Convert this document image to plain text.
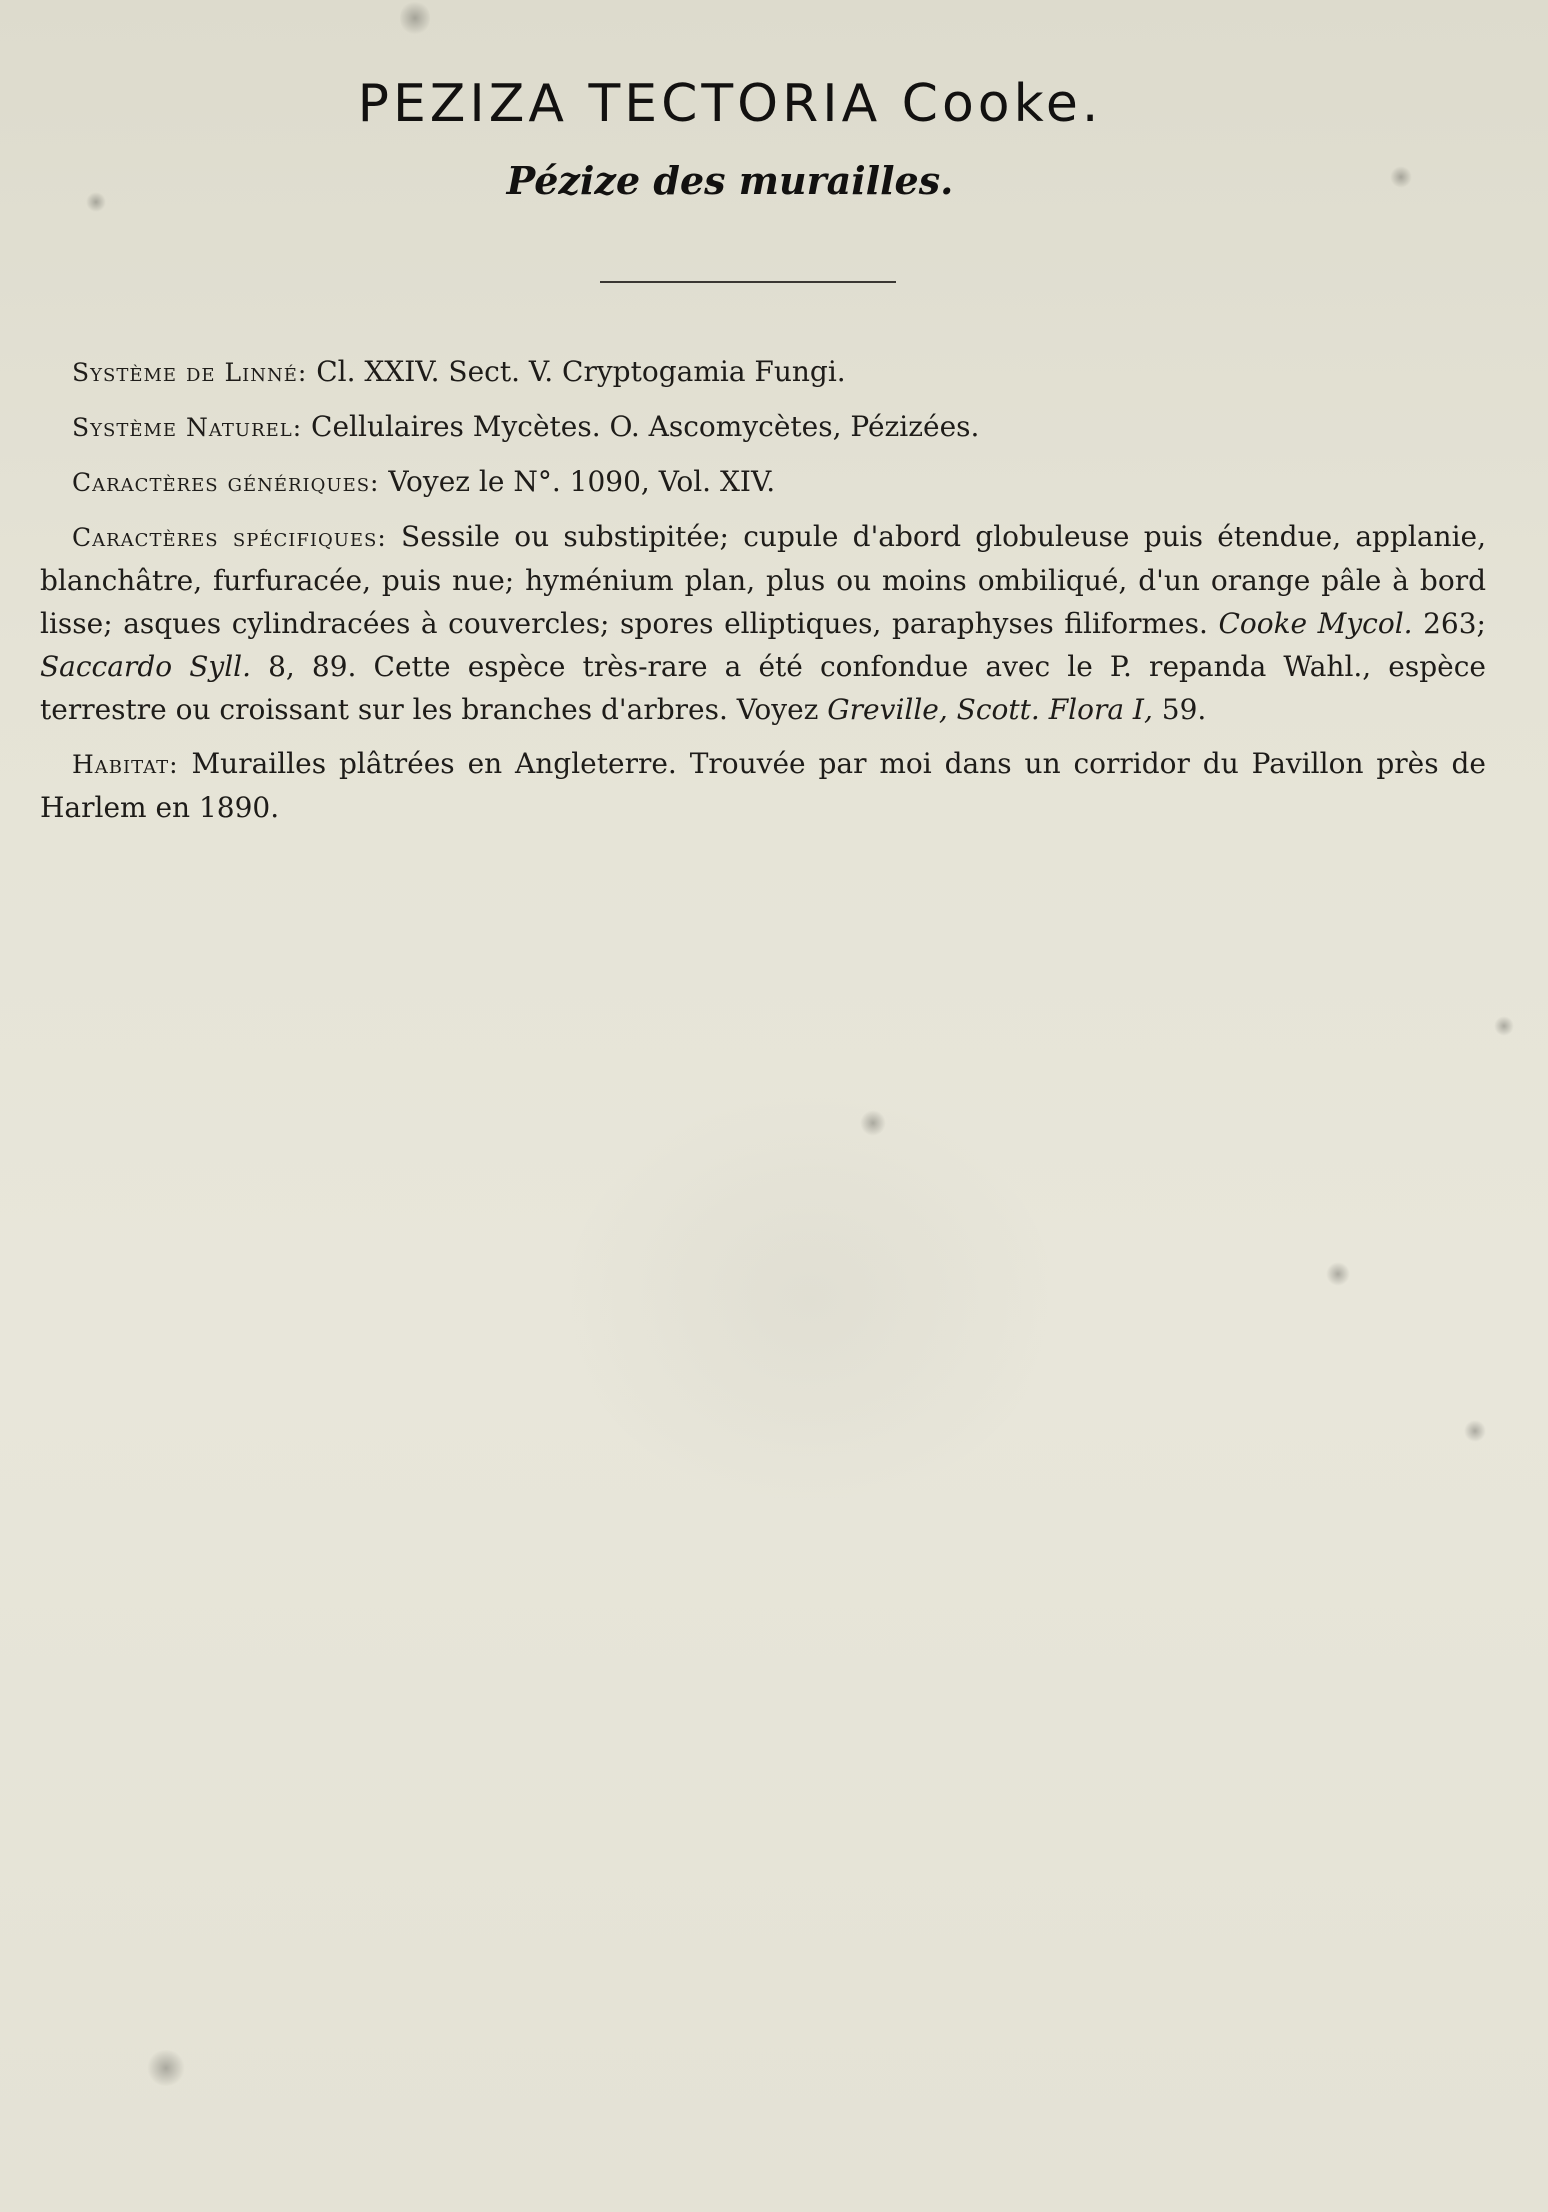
PEZIZA TECTORIA Cooke.
Pézize des murailles.

Système de Linné: Cl. XXIV. Sect. V. Cryptogamia Fungi.

Système Naturel: Cellulaires Mycètes. O. Ascomycètes, Pézizées.

Caractères génériques: Voyez le N°. 1090, Vol. XIV.

Caractères spécifiques: Sessile ou substipitée; cupule d'abord globuleuse puis étendue, applanie, blanchâtre, furfuracée, puis nue; hyménium plan, plus ou moins ombiliqué, d'un orange pâle à bord lisse; asques cylindracées à couvercles; spores elliptiques, paraphyses filiformes. Cooke Mycol. 263; Saccardo Syll. 8, 89. Cette espèce très-rare a été confondue avec le P. repanda Wahl., espèce terrestre ou croissant sur les branches d'arbres. Voyez Greville, Scott. Flora I, 59.

Habitat: Murailles plâtrées en Angleterre. Trouvée par moi dans un corridor du Pavillon près de Harlem en 1890.
